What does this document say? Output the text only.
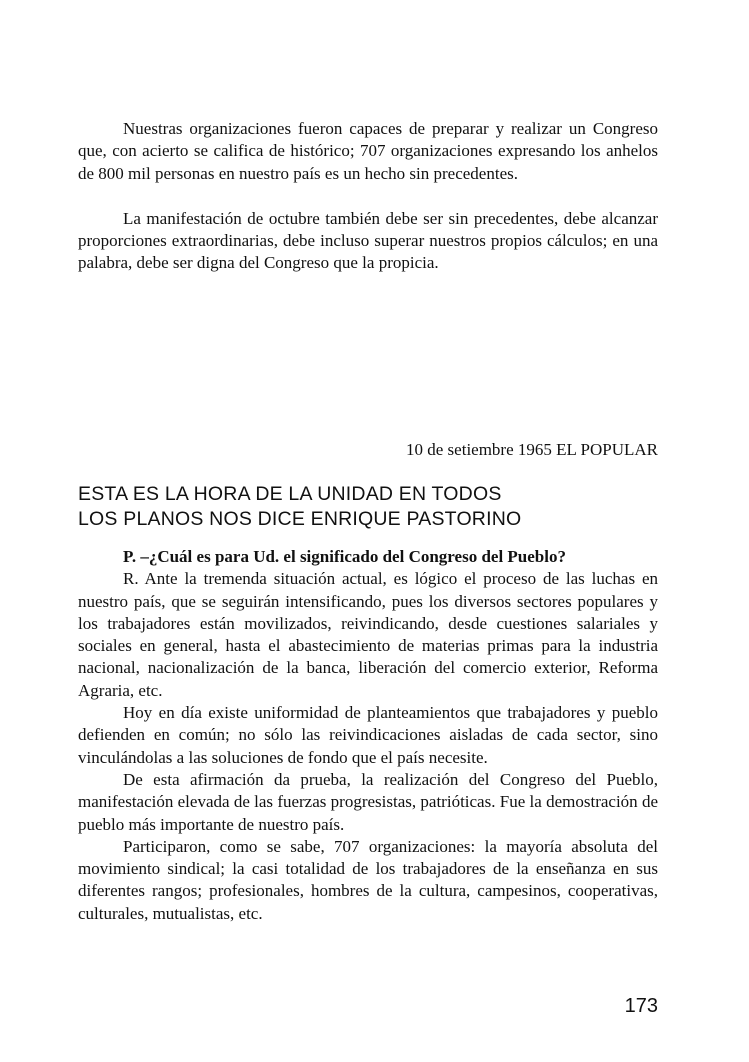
Nuestras organizaciones fueron capaces de preparar y realizar un Congreso que, con acierto se califica de histórico; 707 organizaciones expresando los anhelos de 800 mil personas en nuestro país es un hecho sin precedentes.

La manifestación de octubre también debe ser sin precedentes, debe alcanzar proporciones extraordinarias, debe incluso superar nuestros propios cálculos; en una palabra, debe ser digna del Congreso que la propicia.

10 de setiembre 1965 EL POPULAR
ESTA ES LA HORA DE LA UNIDAD EN TODOS
LOS PLANOS NOS DICE ENRIQUE PASTORINO

P. –¿Cuál es para Ud. el significado del Congreso del Pueblo?

R. Ante la tremenda situación actual, es lógico el proceso de las luchas en nuestro país, que se seguirán intensificando, pues los diversos sectores populares y los trabajadores están movilizados, reivindicando, desde cuestiones salariales y sociales en general, hasta el abastecimiento de materias primas para la industria nacional, nacionalización de la banca, liberación del comercio exterior, Reforma Agraria, etc.

Hoy en día existe uniformidad de planteamientos que trabajadores y pueblo defienden en común; no sólo las reivindicaciones aisladas de cada sector, sino vinculándolas a las soluciones de fondo que el país necesite.

De esta afirmación da prueba, la realización del Congreso del Pueblo, manifestación elevada de las fuerzas progresistas, patrióticas. Fue la demostración de pueblo más importante de nuestro país.

Participaron, como se sabe, 707 organizaciones: la mayoría absoluta del movimiento sindical; la casi totalidad de los trabajadores de la enseñanza en sus diferentes rangos; profesionales, hombres de la cultura, campesinos, cooperativas, culturales, mutualistas, etc.

173
